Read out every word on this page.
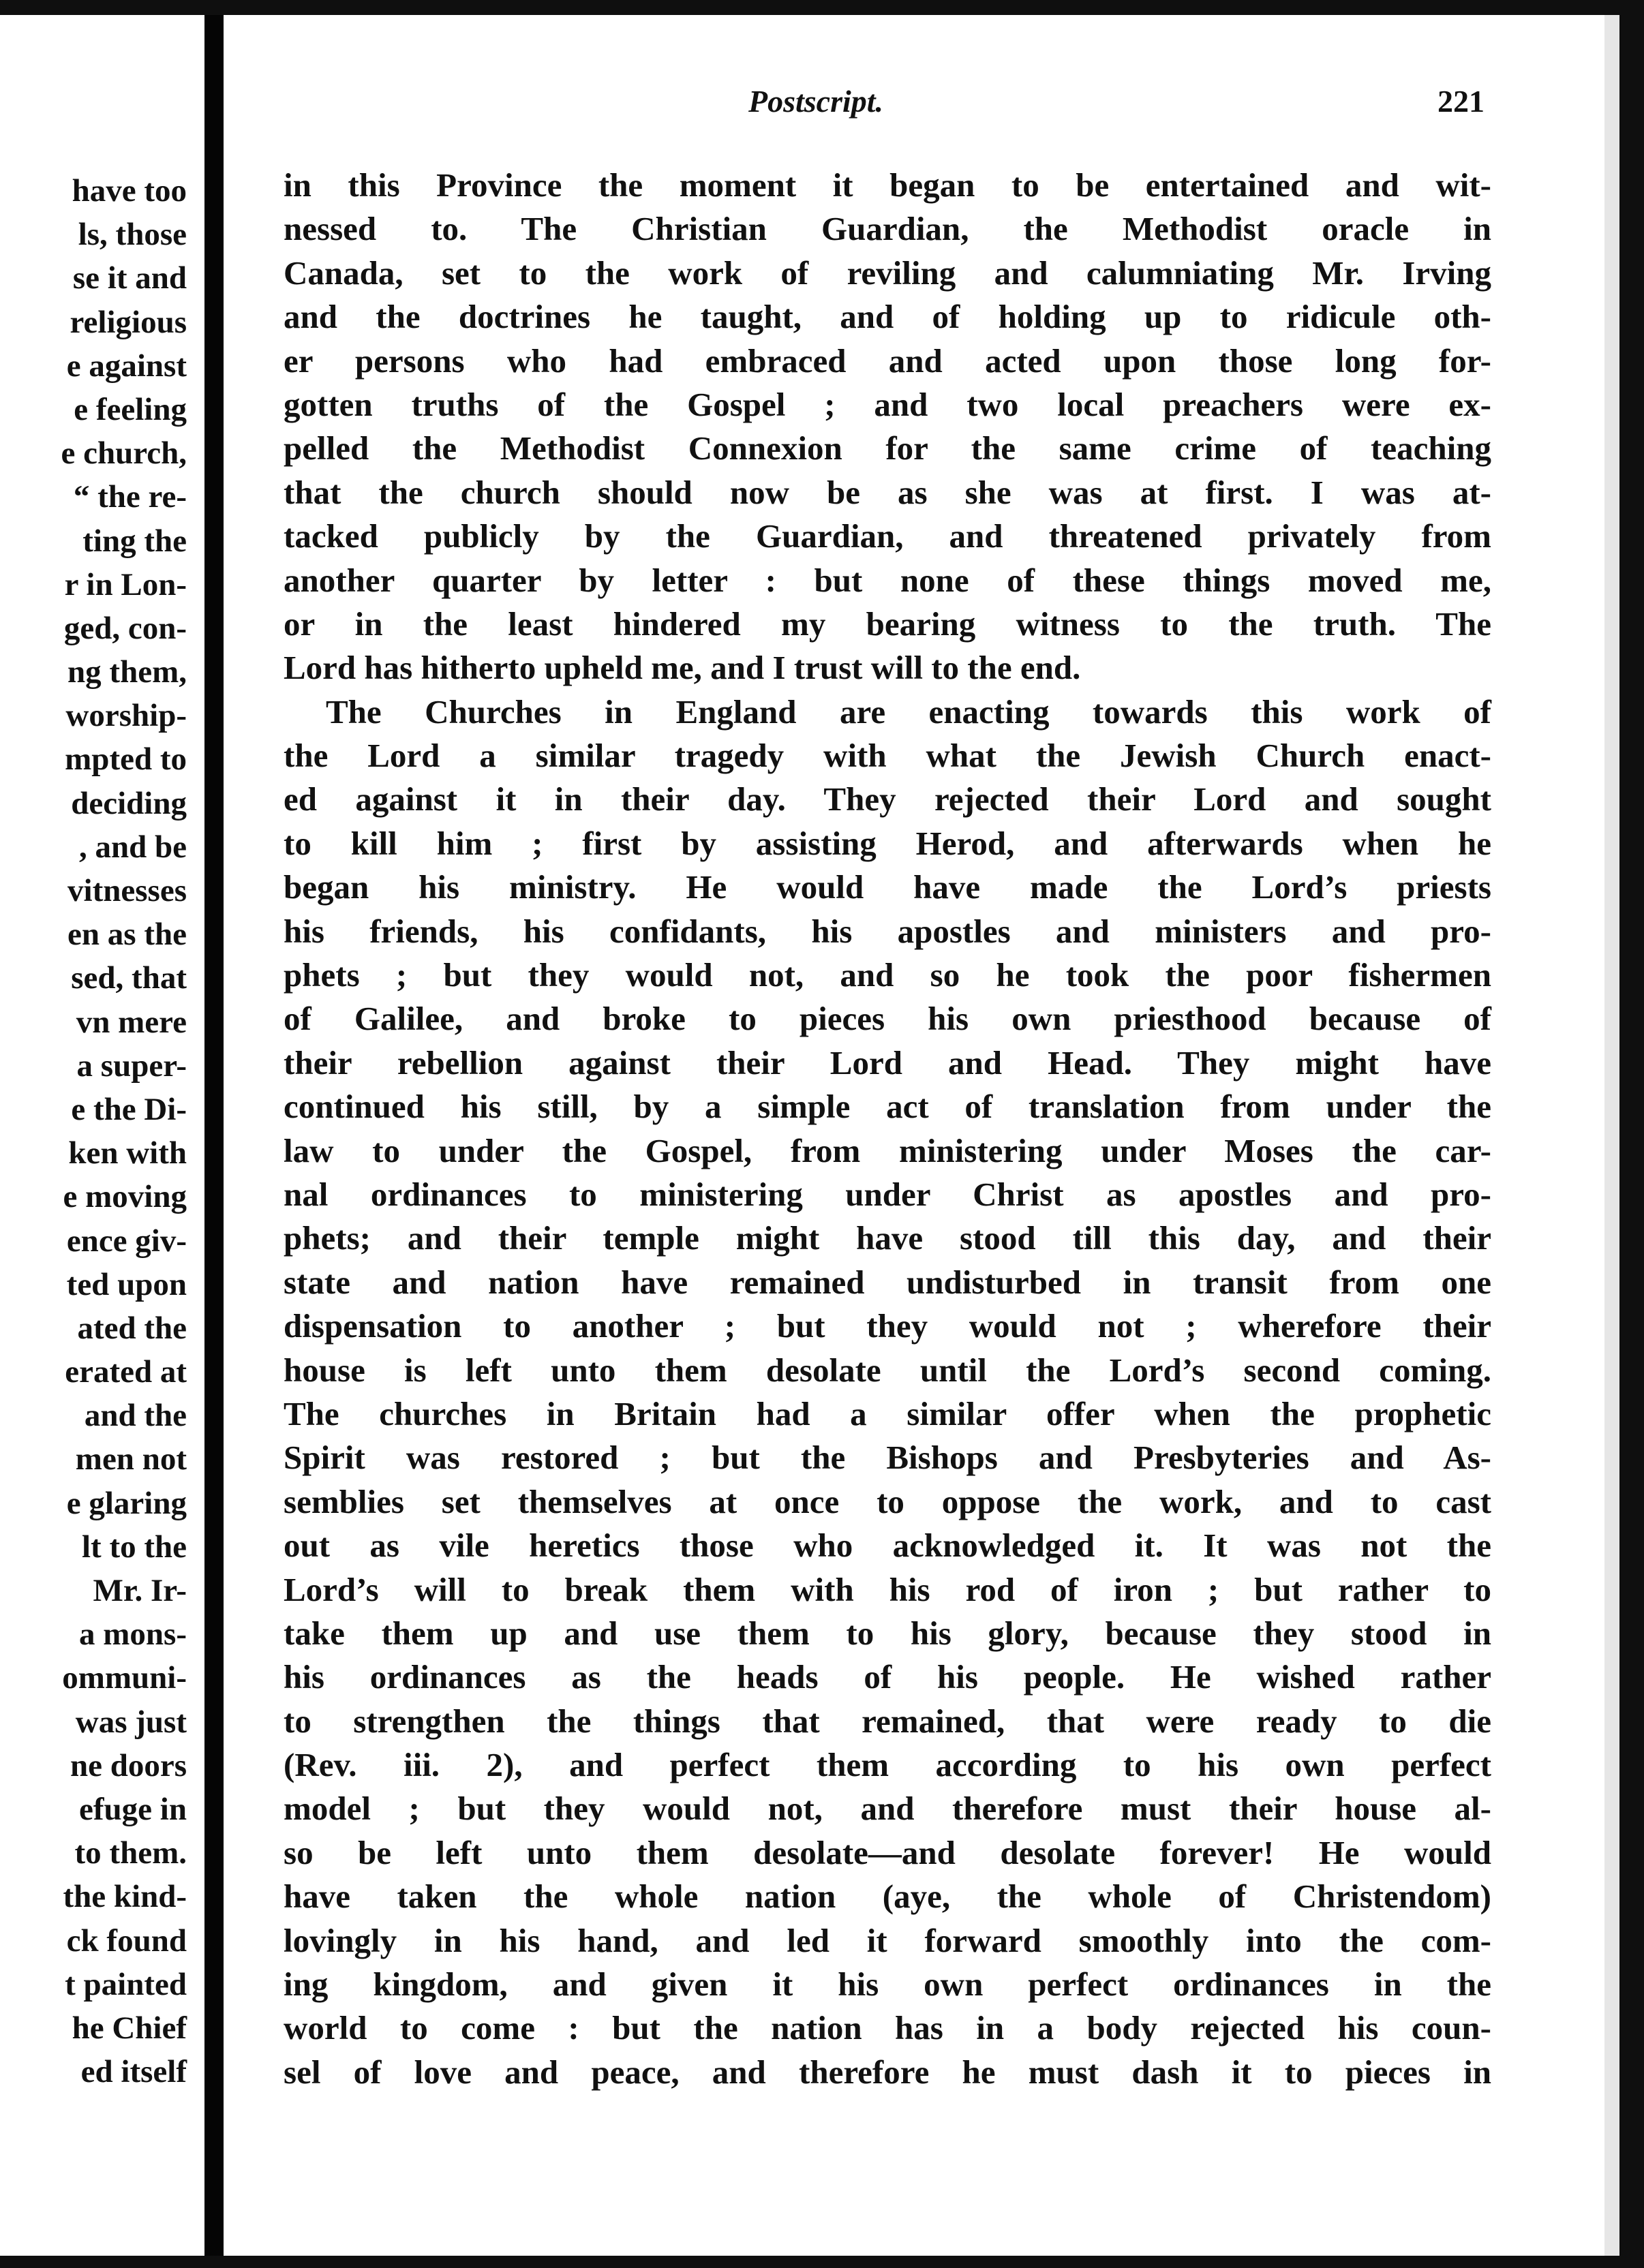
have too
ls, those
se it and
religious
e against
e feeling
e church,
“ the re-
ting the
r in Lon-
ged, con-
ng them,
worship-
mpted to
deciding
, and be
vitnesses
en as the
sed, that
vn mere
a super-
e the Di-
ken with
e moving
ence giv-
ted upon
ated the
erated at
and the
men not
e glaring
lt to the
Mr. Ir-
a mons-
ommuni-
was just
ne doors
efuge in
to them.
the kind-
ck found
t painted
he Chief
ed itself
Postscript.	221
in this Province the moment it began to be entertained and wit-
nessed to. The Christian Guardian, the Methodist oracle in
Canada, set to the work of reviling and calumniating Mr. Irving
and the doctrines he taught, and of holding up to ridicule oth-
er persons who had embraced and acted upon those long for-
gotten truths of the Gospel ; and two local preachers were ex-
pelled the Methodist Connexion for the same crime of teaching
that the church should now be as she was at first. I was at-
tacked publicly by the Guardian, and threatened privately from
another quarter by letter : but none of these things moved me,
or in the least hindered my bearing witness to the truth. The
Lord has hitherto upheld me, and I trust will to the end.
The Churches in England are enacting towards this work of
the Lord a similar tragedy with what the Jewish Church enact-
ed against it in their day. They rejected their Lord and sought
to kill him ; first by assisting Herod, and afterwards when he
began his ministry. He would have made the Lord’s priests
his friends, his confidants, his apostles and ministers and pro-
phets ; but they would not, and so he took the poor fishermen
of Galilee, and broke to pieces his own priesthood because of
their rebellion against their Lord and Head. They might have
continued his still, by a simple act of translation from under the
law to under the Gospel, from ministering under Moses the car-
nal ordinances to ministering under Christ as apostles and pro-
phets; and their temple might have stood till this day, and their
state and nation have remained undisturbed in transit from one
dispensation to another ; but they would not ; wherefore their
house is left unto them desolate until the Lord’s second coming.
The churches in Britain had a similar offer when the prophetic
Spirit was restored ; but the Bishops and Presbyteries and As-
semblies set themselves at once to oppose the work, and to cast
out as vile heretics those who acknowledged it. It was not the
Lord’s will to break them with his rod of iron ; but rather to
take them up and use them to his glory, because they stood in
his ordinances as the heads of his people. He wished rather
to strengthen the things that remained, that were ready to die
(Rev. iii. 2), and perfect them according to his own perfect
model ; but they would not, and therefore must their house al-
so be left unto them desolate—and desolate forever! He would
have taken the whole nation (aye, the whole of Christendom)
lovingly in his hand, and led it forward smoothly into the com-
ing kingdom, and given it his own perfect ordinances in the
world to come : but the nation has in a body rejected his coun-
sel of love and peace, and therefore he must dash it to pieces in
